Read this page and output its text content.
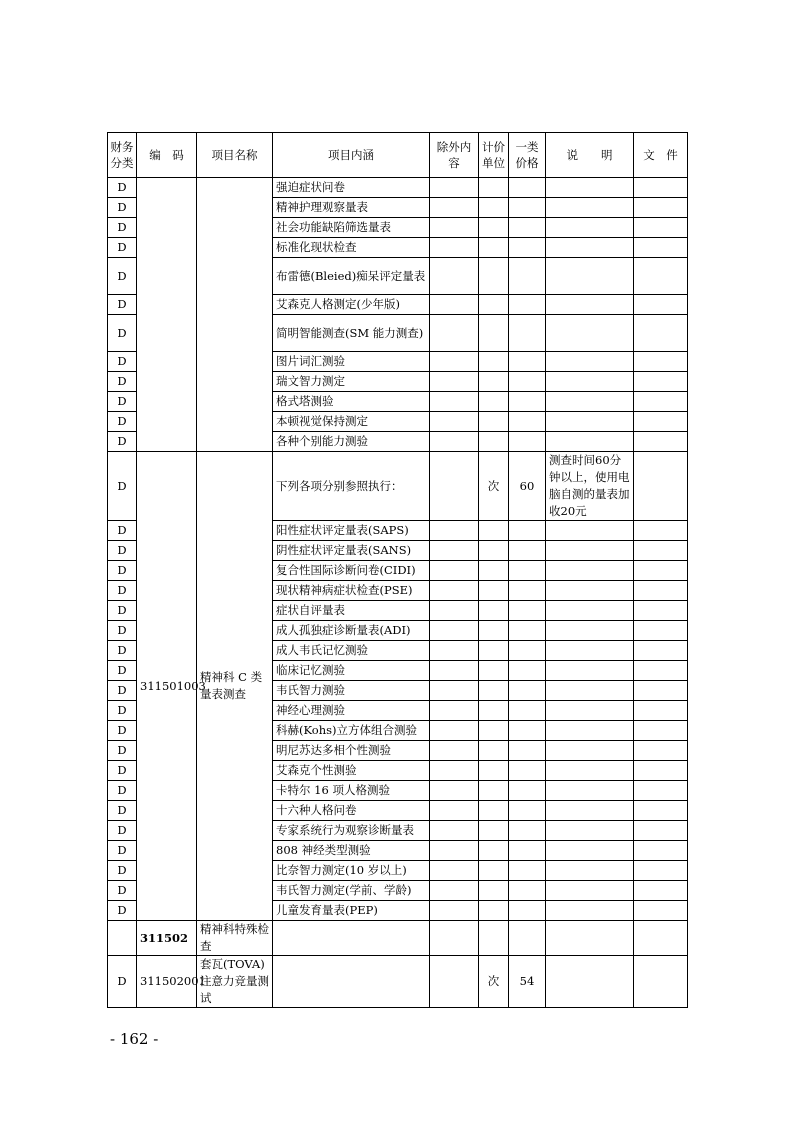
财务分类	编　码	项目名称	项目内涵	除外内容	计价单位	一类价格	说　　明	文　件
D			强迫症状问卷					
D			精神护理观察量表					
D			社会功能缺陷筛选量表					
D			标准化现状检查					
D			布雷德(Bleied)痴呆评定量表					
D			艾森克人格测定(少年版)					
D			简明智能测查(SM 能力测查)					
D			图片词汇测验					
D			瑞文智力测定					
D			格式塔测验					
D			本顿视觉保持测定					
D			各种个别能力测验					
D	311501003	精神科 C 类量表测查	下列各项分别参照执行：		次	60	测查时间60分钟以上，使用电脑自测的量表加收20元	
D			阳性症状评定量表(SAPS)					
D			阴性症状评定量表(SANS)					
D			复合性国际诊断问卷(CIDI)					
D			现状精神病症状检查(PSE)					
D			症状自评量表					
D			成人孤独症诊断量表(ADI)					
D			成人韦氏记忆测验					
D			临床记忆测验					
D			韦氏智力测验					
D			神经心理测验					
D			科赫(Kohs)立方体组合测验					
D			明尼苏达多相个性测验					
D			艾森克个性测验					
D			卡特尔 16 项人格测验					
D			十六种人格问卷					
D			专家系统行为观察诊断量表					
D			808 神经类型测验					
D			比奈智力测定(10 岁以上)					
D			韦氏智力测定(学前、学龄)					
D			儿童发育量表(PEP)					
	311502	精神科特殊检查						
D	311502001	套瓦(TOVA)注意力竞量测试			次	54		
- 162 -
